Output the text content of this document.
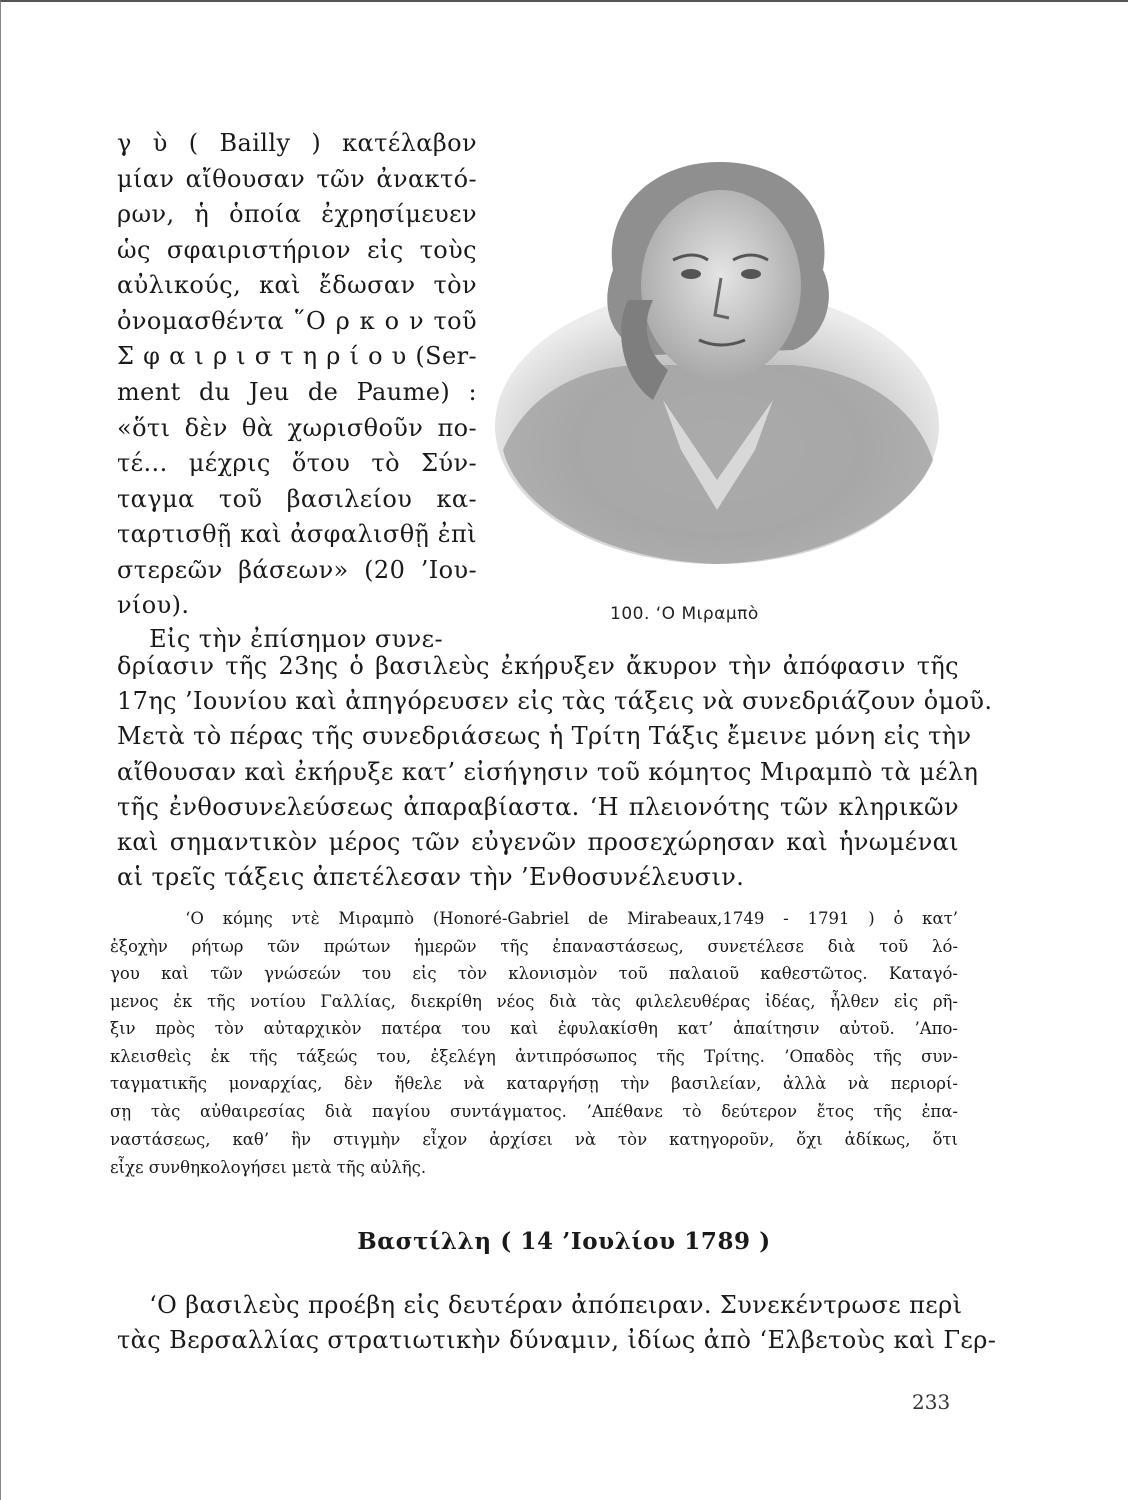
γ ὺ ( Bailly ) κατέλαβον
μίαν αἴθουσαν τῶν ἀνακτό-
ρων, ἡ ὁποία ἐχρησίμευεν
ὡς σφαιριστήριον εἰς τοὺς
αὐλικούς, καὶ ἔδωσαν τὸν
ὀνομασθέντα ῞Ο ρ κ ο ν τοῦ
Σ φ α ι ρ ι σ τ η ρ ί ο υ (Ser-
ment du Jeu de Paume) :
«ὅτι δὲν θὰ χωρισθοῦν πο-
τέ... μέχρις ὅτου τὸ Σύν-
ταγμα τοῦ βασιλείου κα-
ταρτισθῇ καὶ ἀσφαλισθῇ ἐπὶ
στερεῶν βάσεων» (20 ’Ιου-
νίου).
Εἰς τὴν ἐπίσημον συνε-
100. ‘Ο Μιραμπὸ
δρίασιν τῆς 23ης ὁ βασιλεὺς ἐκήρυξεν ἄκυρον τὴν ἀπόφασιν τῆς
17ης ’Ιουνίου καὶ ἀπηγόρευσεν εἰς τὰς τάξεις νὰ συνεδριάζουν ὁμοῦ.
Μετὰ τὸ πέρας τῆς συνεδριάσεως ἡ Τρίτη Τάξις ἔμεινε μόνη εἰς τὴν
αἴθουσαν καὶ ἐκήρυξε κατ’ εἰσήγησιν τοῦ κόμητος Μιραμπὸ τὰ μέλη
τῆς ἐνθοσυνελεύσεως ἀπαραβίαστα. ‘Η πλειονότης τῶν κληρικῶν
καὶ σημαντικὸν μέρος τῶν εὐγενῶν προσεχώρησαν καὶ ἡνωμέναι
αἱ τρεῖς τάξεις ἀπετέλεσαν τὴν ’Ενθοσυνέλευσιν.
‘Ο κόμης ντὲ Μιραμπὸ (Honoré-Gabriel de Mirabeaux,1749 - 1791 ) ὁ κατ’
ἐξοχὴν ρήτωρ τῶν πρώτων ἡμερῶν τῆς ἐπαναστάσεως, συνετέλεσε διὰ τοῦ λό-
γου καὶ τῶν γνώσεών του εἰς τὸν κλονισμὸν τοῦ παλαιοῦ καθεστῶτος. Καταγό-
μενος ἐκ τῆς νοτίου Γαλλίας, διεκρίθη νέος διὰ τὰς φιλελευθέρας ἰδέας, ἦλθεν εἰς ρῆ-
ξιν πρὸς τὸν αὐταρχικὸν πατέρα του καὶ ἐφυλακίσθη κατ’ ἀπαίτησιν αὐτοῦ. ’Απο-
κλεισθεὶς ἐκ τῆς τάξεώς του, ἐξελέγη ἀντιπρόσωπος τῆς Τρίτης. ’Οπαδὸς τῆς συν-
ταγματικῆς μοναρχίας, δὲν ἤθελε νὰ καταργήσῃ τὴν βασιλείαν, ἀλλὰ νὰ περιορί-
σῃ τὰς αὐθαιρεσίας διὰ παγίου συντάγματος. ’Απέθανε τὸ δεύτερον ἔτος τῆς ἐπα-
ναστάσεως, καθ’ ἣν στιγμὴν εἶχον ἀρχίσει νὰ τὸν κατηγοροῦν, ὄχι ἀδίκως, ὅτι
εἶχε συνθηκολογήσει μετὰ τῆς αὐλῆς.
Βαστίλλη ( 14 ’Ιουλίου 1789 )
‘Ο βασιλεὺς προέβη εἰς δευτέραν ἀπόπειραν. Συνεκέντρωσε περὶ
τὰς Βερσαλλίας στρατιωτικὴν δύναμιν, ἰδίως ἀπὸ ‘Ελβετοὺς καὶ Γερ-
233
